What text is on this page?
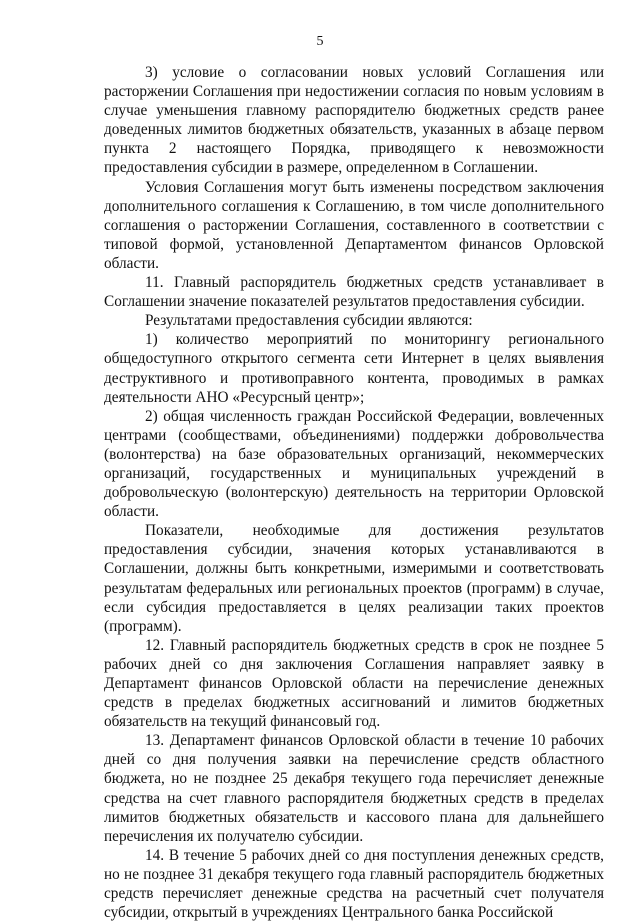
5

3) условие о согласовании новых условий Соглашения или расторжении Соглашения при недостижении согласия по новым условиям в случае уменьшения главному распорядителю бюджетных средств ранее доведенных лимитов бюджетных обязательств, указанных в абзаце первом пункта 2 настоящего Порядка, приводящего к невозможности предоставления субсидии в размере, определенном в Соглашении.

Условия Соглашения могут быть изменены посредством заключения дополнительного соглашения к Соглашению, в том числе дополнительного соглашения о расторжении Соглашения, составленного в соответствии с типовой формой, установленной Департаментом финансов Орловской области.

11. Главный распорядитель бюджетных средств устанавливает в Соглашении значение показателей результатов предоставления субсидии.

Результатами предоставления субсидии являются:

1) количество мероприятий по мониторингу регионального общедоступного открытого сегмента сети Интернет в целях выявления деструктивного и противоправного контента, проводимых в рамках деятельности АНО «Ресурсный центр»;

2) общая численность граждан Российской Федерации, вовлеченных центрами (сообществами, объединениями) поддержки добровольчества (волонтерства) на базе образовательных организаций, некоммерческих организаций, государственных и муниципальных учреждений в добровольческую (волонтерскую) деятельность на территории Орловской области.

Показатели, необходимые для достижения результатов предоставления субсидии, значения которых устанавливаются в Соглашении, должны быть конкретными, измеримыми и соответствовать результатам федеральных или региональных проектов (программ) в случае, если субсидия предоставляется в целях реализации таких проектов (программ).

12. Главный распорядитель бюджетных средств в срок не позднее 5 рабочих дней со дня заключения Соглашения направляет заявку в Департамент финансов Орловской области на перечисление денежных средств в пределах бюджетных ассигнований и лимитов бюджетных обязательств на текущий финансовый год.

13. Департамент финансов Орловской области в течение 10 рабочих дней со дня получения заявки на перечисление средств областного бюджета, но не позднее 25 декабря текущего года перечисляет денежные средства на счет главного распорядителя бюджетных средств в пределах лимитов бюджетных обязательств и кассового плана для дальнейшего перечисления их получателю субсидии.

14. В течение 5 рабочих дней со дня поступления денежных средств, но не позднее 31 декабря текущего года главный распорядитель бюджетных средств перечисляет денежные средства на расчетный счет получателя субсидии, открытый в учреждениях Центрального банка Российской
